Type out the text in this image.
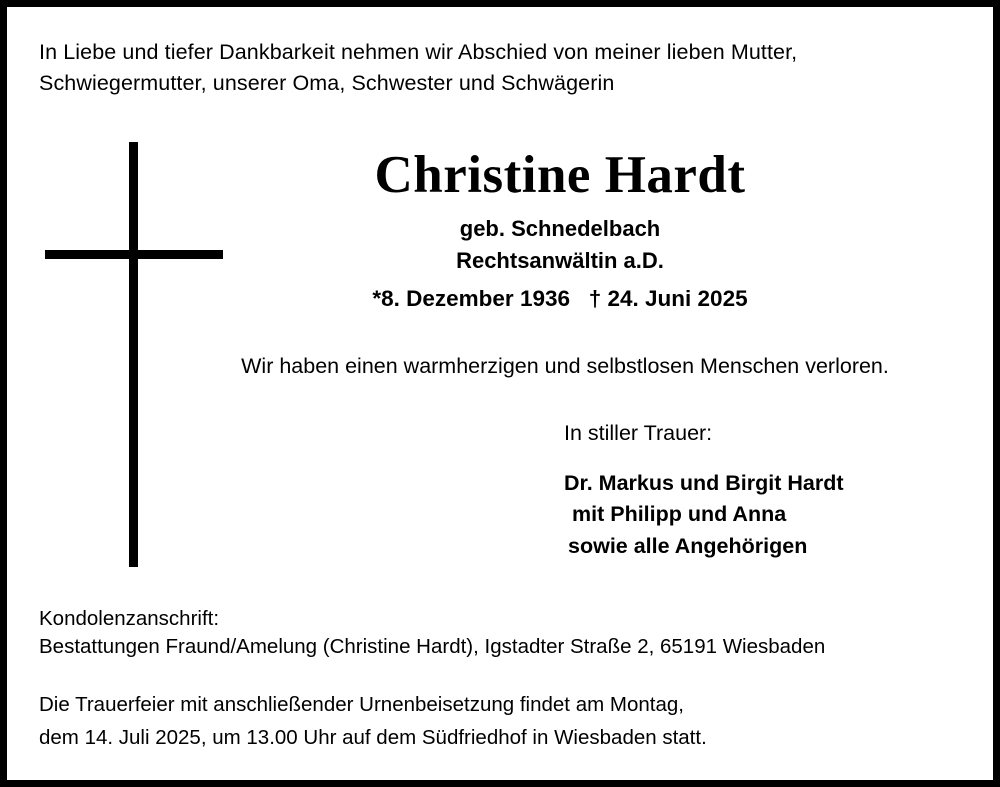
In Liebe und tiefer Dankbarkeit nehmen wir Abschied von meiner lieben Mutter,
Schwiegermutter, unserer Oma, Schwester und Schwägerin
Christine Hardt
geb. Schnedelbach
Rechtsanwältin a.D.
*8. Dezember 1936   † 24. Juni 2025
Wir haben einen warmherzigen und selbstlosen Menschen verloren.
In stiller Trauer:
Dr. Markus und Birgit Hardt
mit Philipp und Anna
sowie alle Angehörigen
Kondolenzanschrift:
Bestattungen Fraund/Amelung (Christine Hardt), Igstadter Straße 2, 65191 Wiesbaden
Die Trauerfeier mit anschließender Urnenbeisetzung findet am Montag,
dem 14. Juli 2025, um 13.00 Uhr auf dem Südfriedhof in Wiesbaden statt.
